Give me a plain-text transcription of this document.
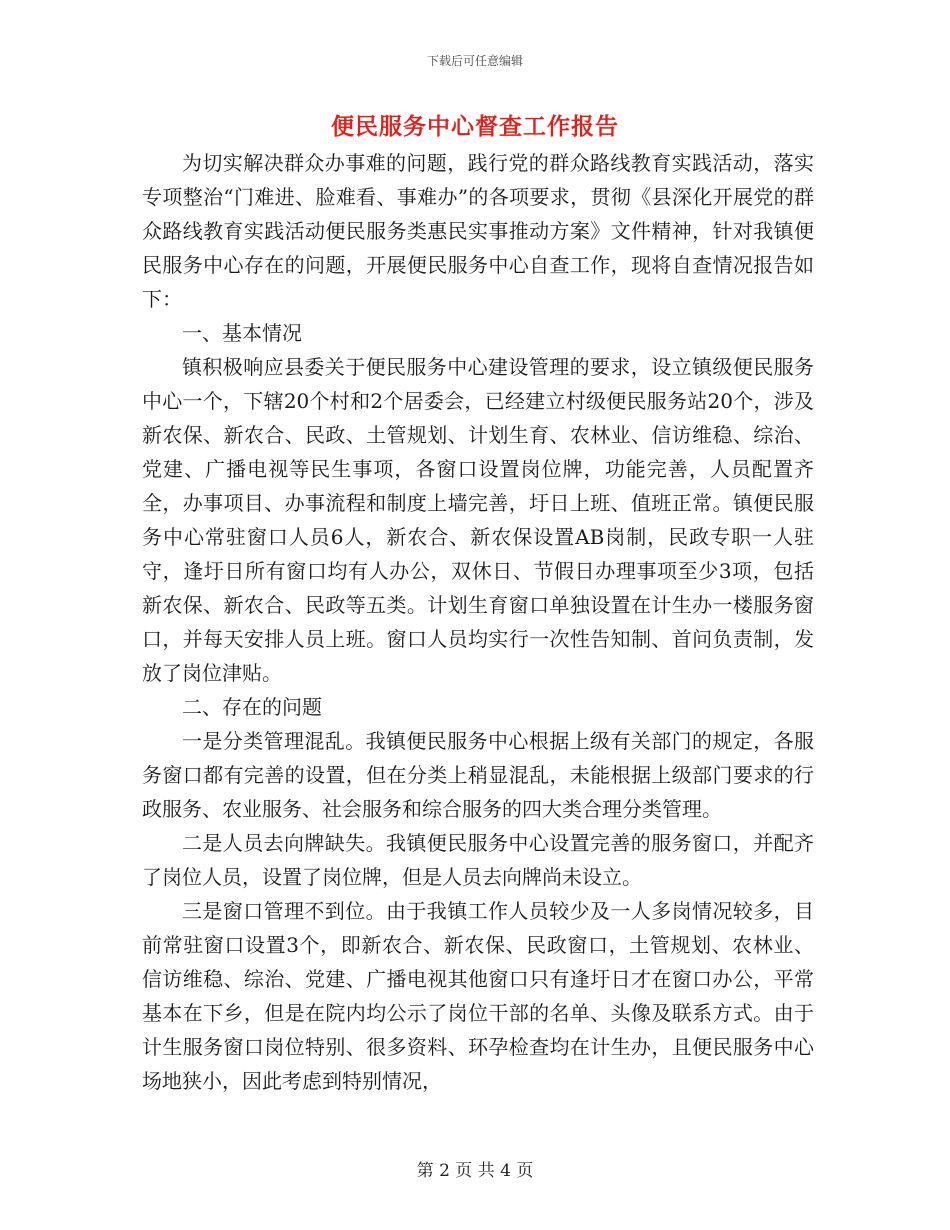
下载后可任意编辑
便民服务中心督查工作报告

为切实解决群众办事难的问题，践行党的群众路线教育实践活动，落实专项整治“门难进、脸难看、事难办”的各项要求，贯彻《县深化开展党的群众路线教育实践活动便民服务类惠民实事推动方案》文件精神，针对我镇便民服务中心存在的问题，开展便民服务中心自查工作，现将自查情况报告如下：

一、基本情况

镇积极响应县委关于便民服务中心建设管理的要求，设立镇级便民服务中心一个，下辖20个村和2个居委会，已经建立村级便民服务站20个，涉及新农保、新农合、民政、土管规划、计划生育、农林业、信访维稳、综治、党建、广播电视等民生事项，各窗口设置岗位牌，功能完善，人员配置齐全，办事项目、办事流程和制度上墙完善，圩日上班、值班正常。镇便民服务中心常驻窗口人员6人，新农合、新农保设置AB岗制，民政专职一人驻守，逢圩日所有窗口均有人办公，双休日、节假日办理事项至少3项，包括新农保、新农合、民政等五类。计划生育窗口单独设置在计生办一楼服务窗口，并每天安排人员上班。窗口人员均实行一次性告知制、首问负责制，发放了岗位津贴。

二、存在的问题

一是分类管理混乱。我镇便民服务中心根据上级有关部门的规定，各服务窗口都有完善的设置，但在分类上稍显混乱，未能根据上级部门要求的行政服务、农业服务、社会服务和综合服务的四大类合理分类管理。

二是人员去向牌缺失。我镇便民服务中心设置完善的服务窗口，并配齐了岗位人员，设置了岗位牌，但是人员去向牌尚未设立。

三是窗口管理不到位。由于我镇工作人员较少及一人多岗情况较多，目前常驻窗口设置3个，即新农合、新农保、民政窗口，土管规划、农林业、信访维稳、综治、党建、广播电视其他窗口只有逢圩日才在窗口办公，平常基本在下乡，但是在院内均公示了岗位干部的名单、头像及联系方式。由于计生服务窗口岗位特别、很多资料、环孕检查均在计生办，且便民服务中心场地狭小，因此考虑到特别情况，

第 2 页 共 4 页
